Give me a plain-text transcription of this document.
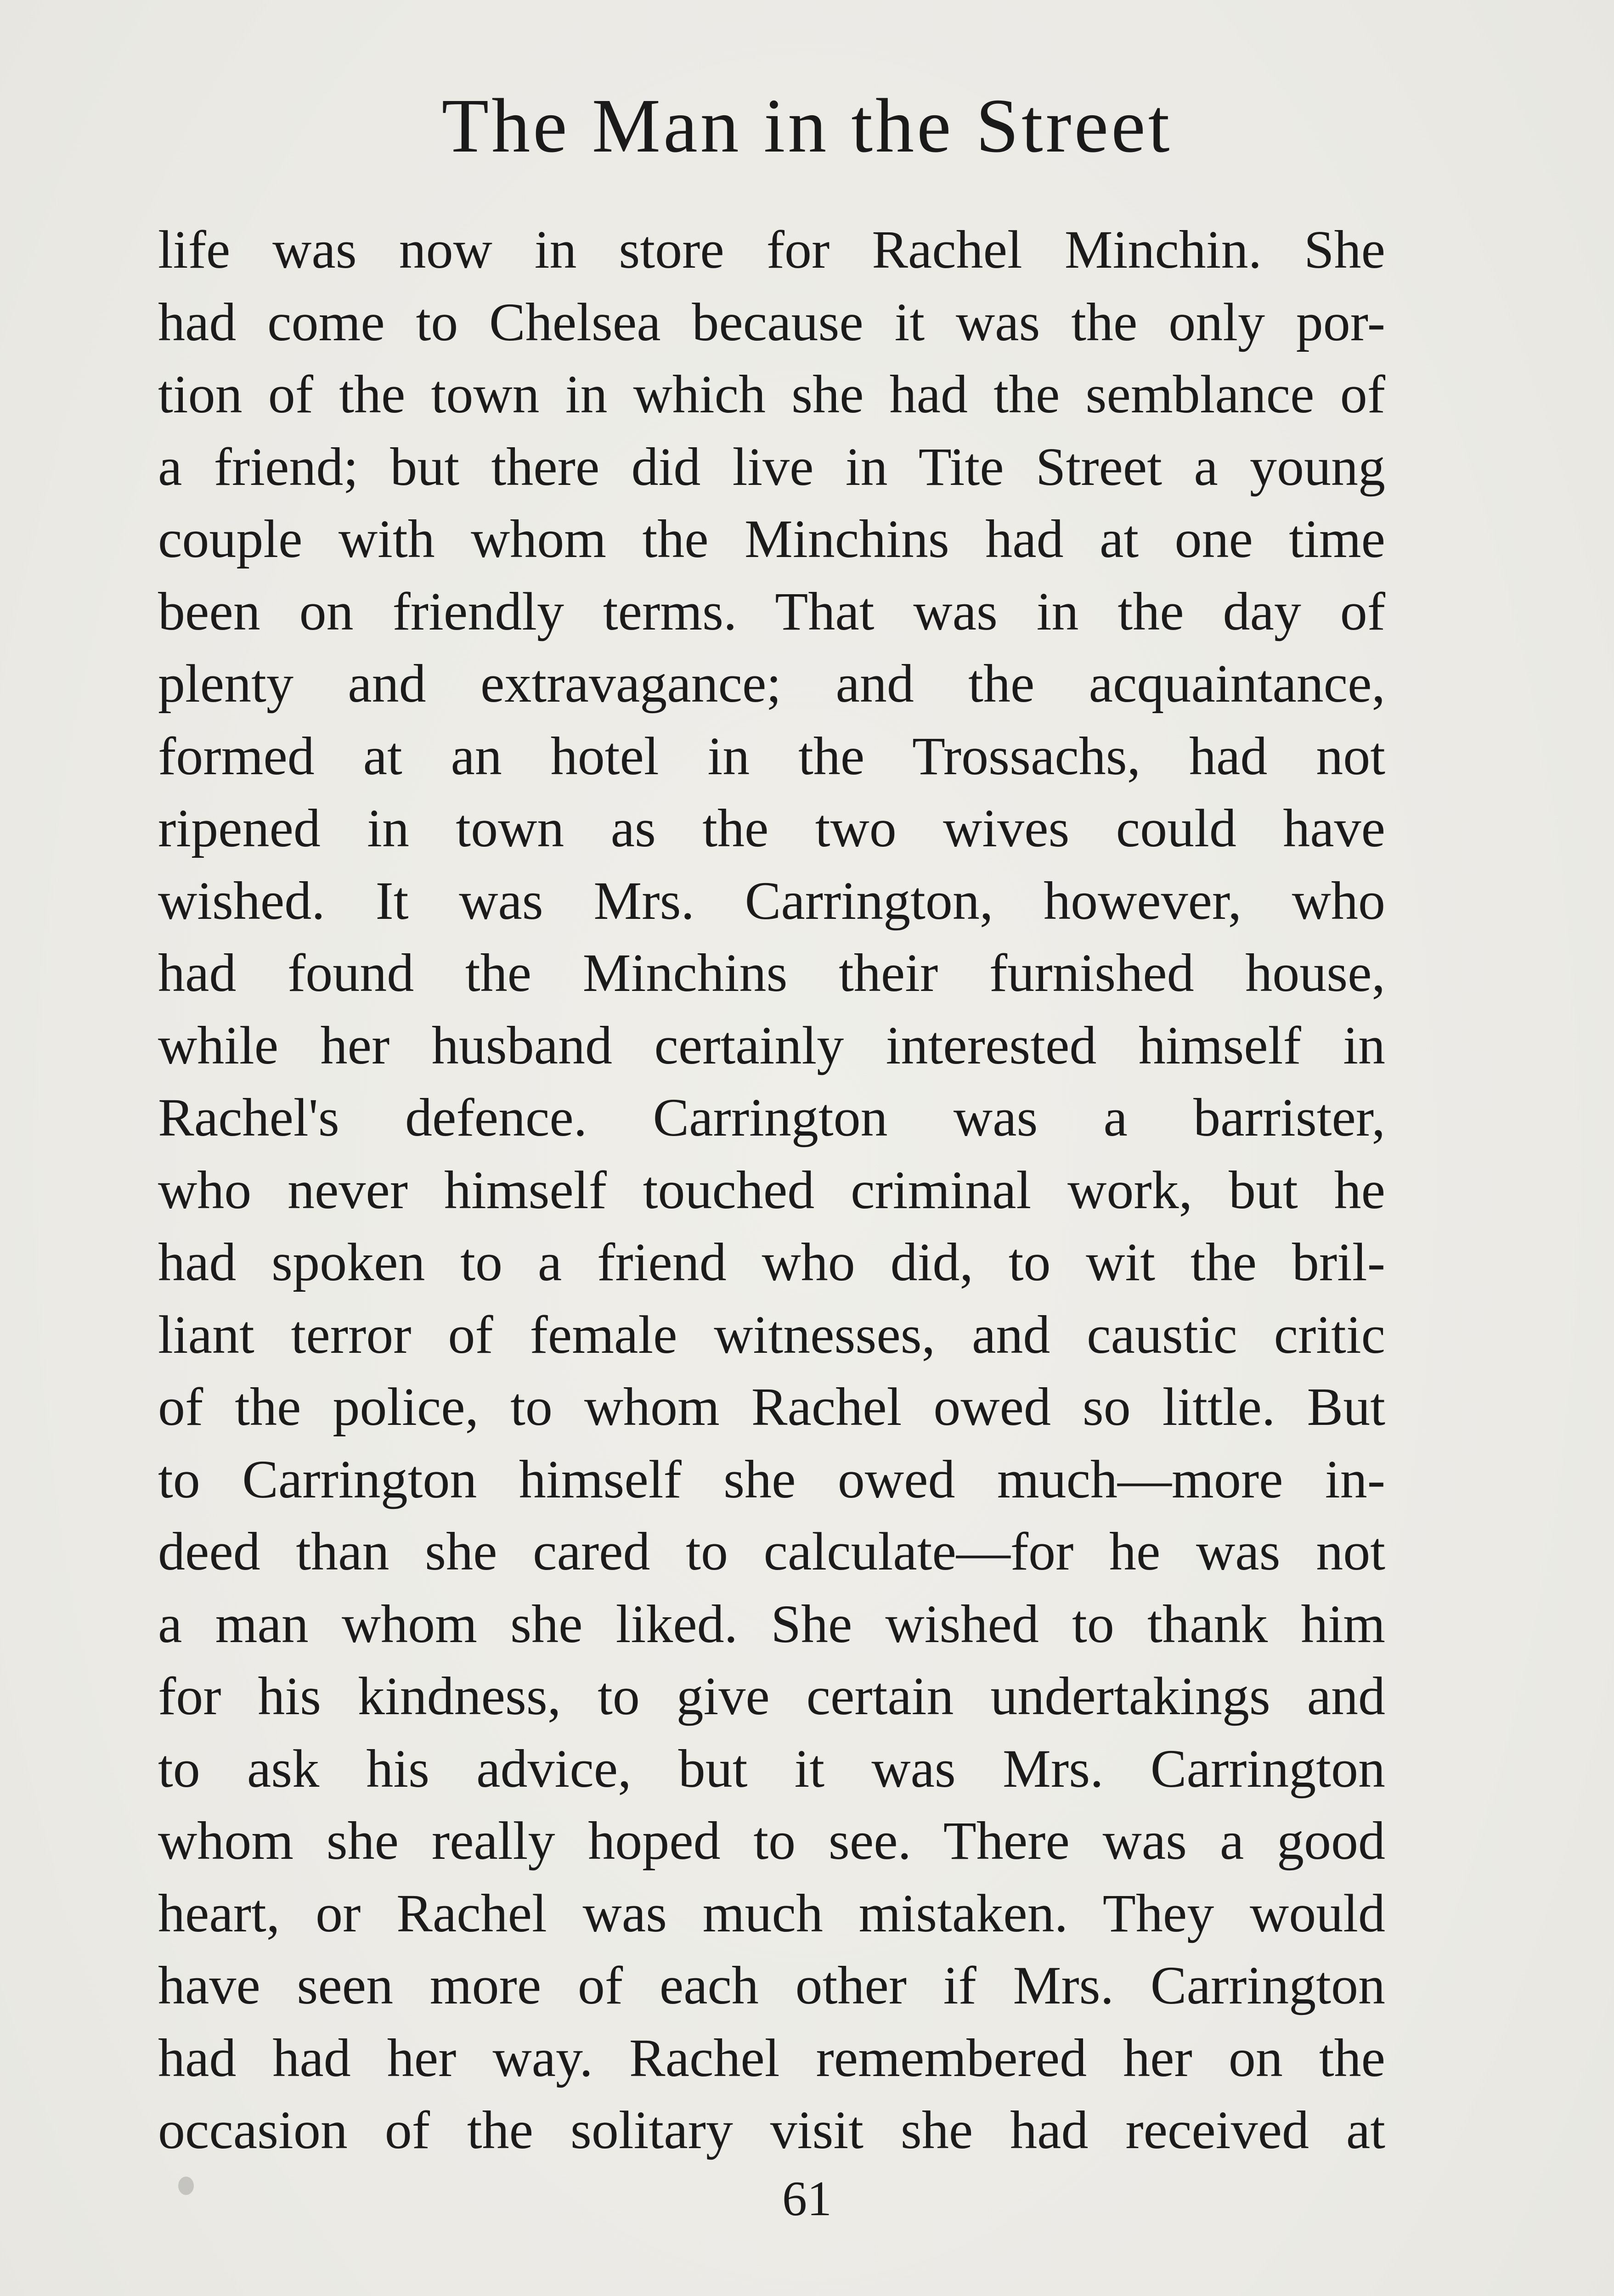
The Man in the Street
life was now in store for Rachel Minchin. She
had come to Chelsea because it was the only por-
tion of the town in which she had the semblance of
a friend; but there did live in Tite Street a young
couple with whom the Minchins had at one time
been on friendly terms. That was in the day of
plenty and extravagance; and the acquaintance,
formed at an hotel in the Trossachs, had not
ripened in town as the two wives could have
wished. It was Mrs. Carrington, however, who
had found the Minchins their furnished house,
while her husband certainly interested himself in
Rachel's defence. Carrington was a barrister,
who never himself touched criminal work, but he
had spoken to a friend who did, to wit the bril-
liant terror of female witnesses, and caustic critic
of the police, to whom Rachel owed so little. But
to Carrington himself she owed much—more in-
deed than she cared to calculate—for he was not
a man whom she liked. She wished to thank him
for his kindness, to give certain undertakings and
to ask his advice, but it was Mrs. Carrington
whom she really hoped to see. There was a good
heart, or Rachel was much mistaken. They would
have seen more of each other if Mrs. Carrington
had had her way. Rachel remembered her on the
occasion of the solitary visit she had received at
61
